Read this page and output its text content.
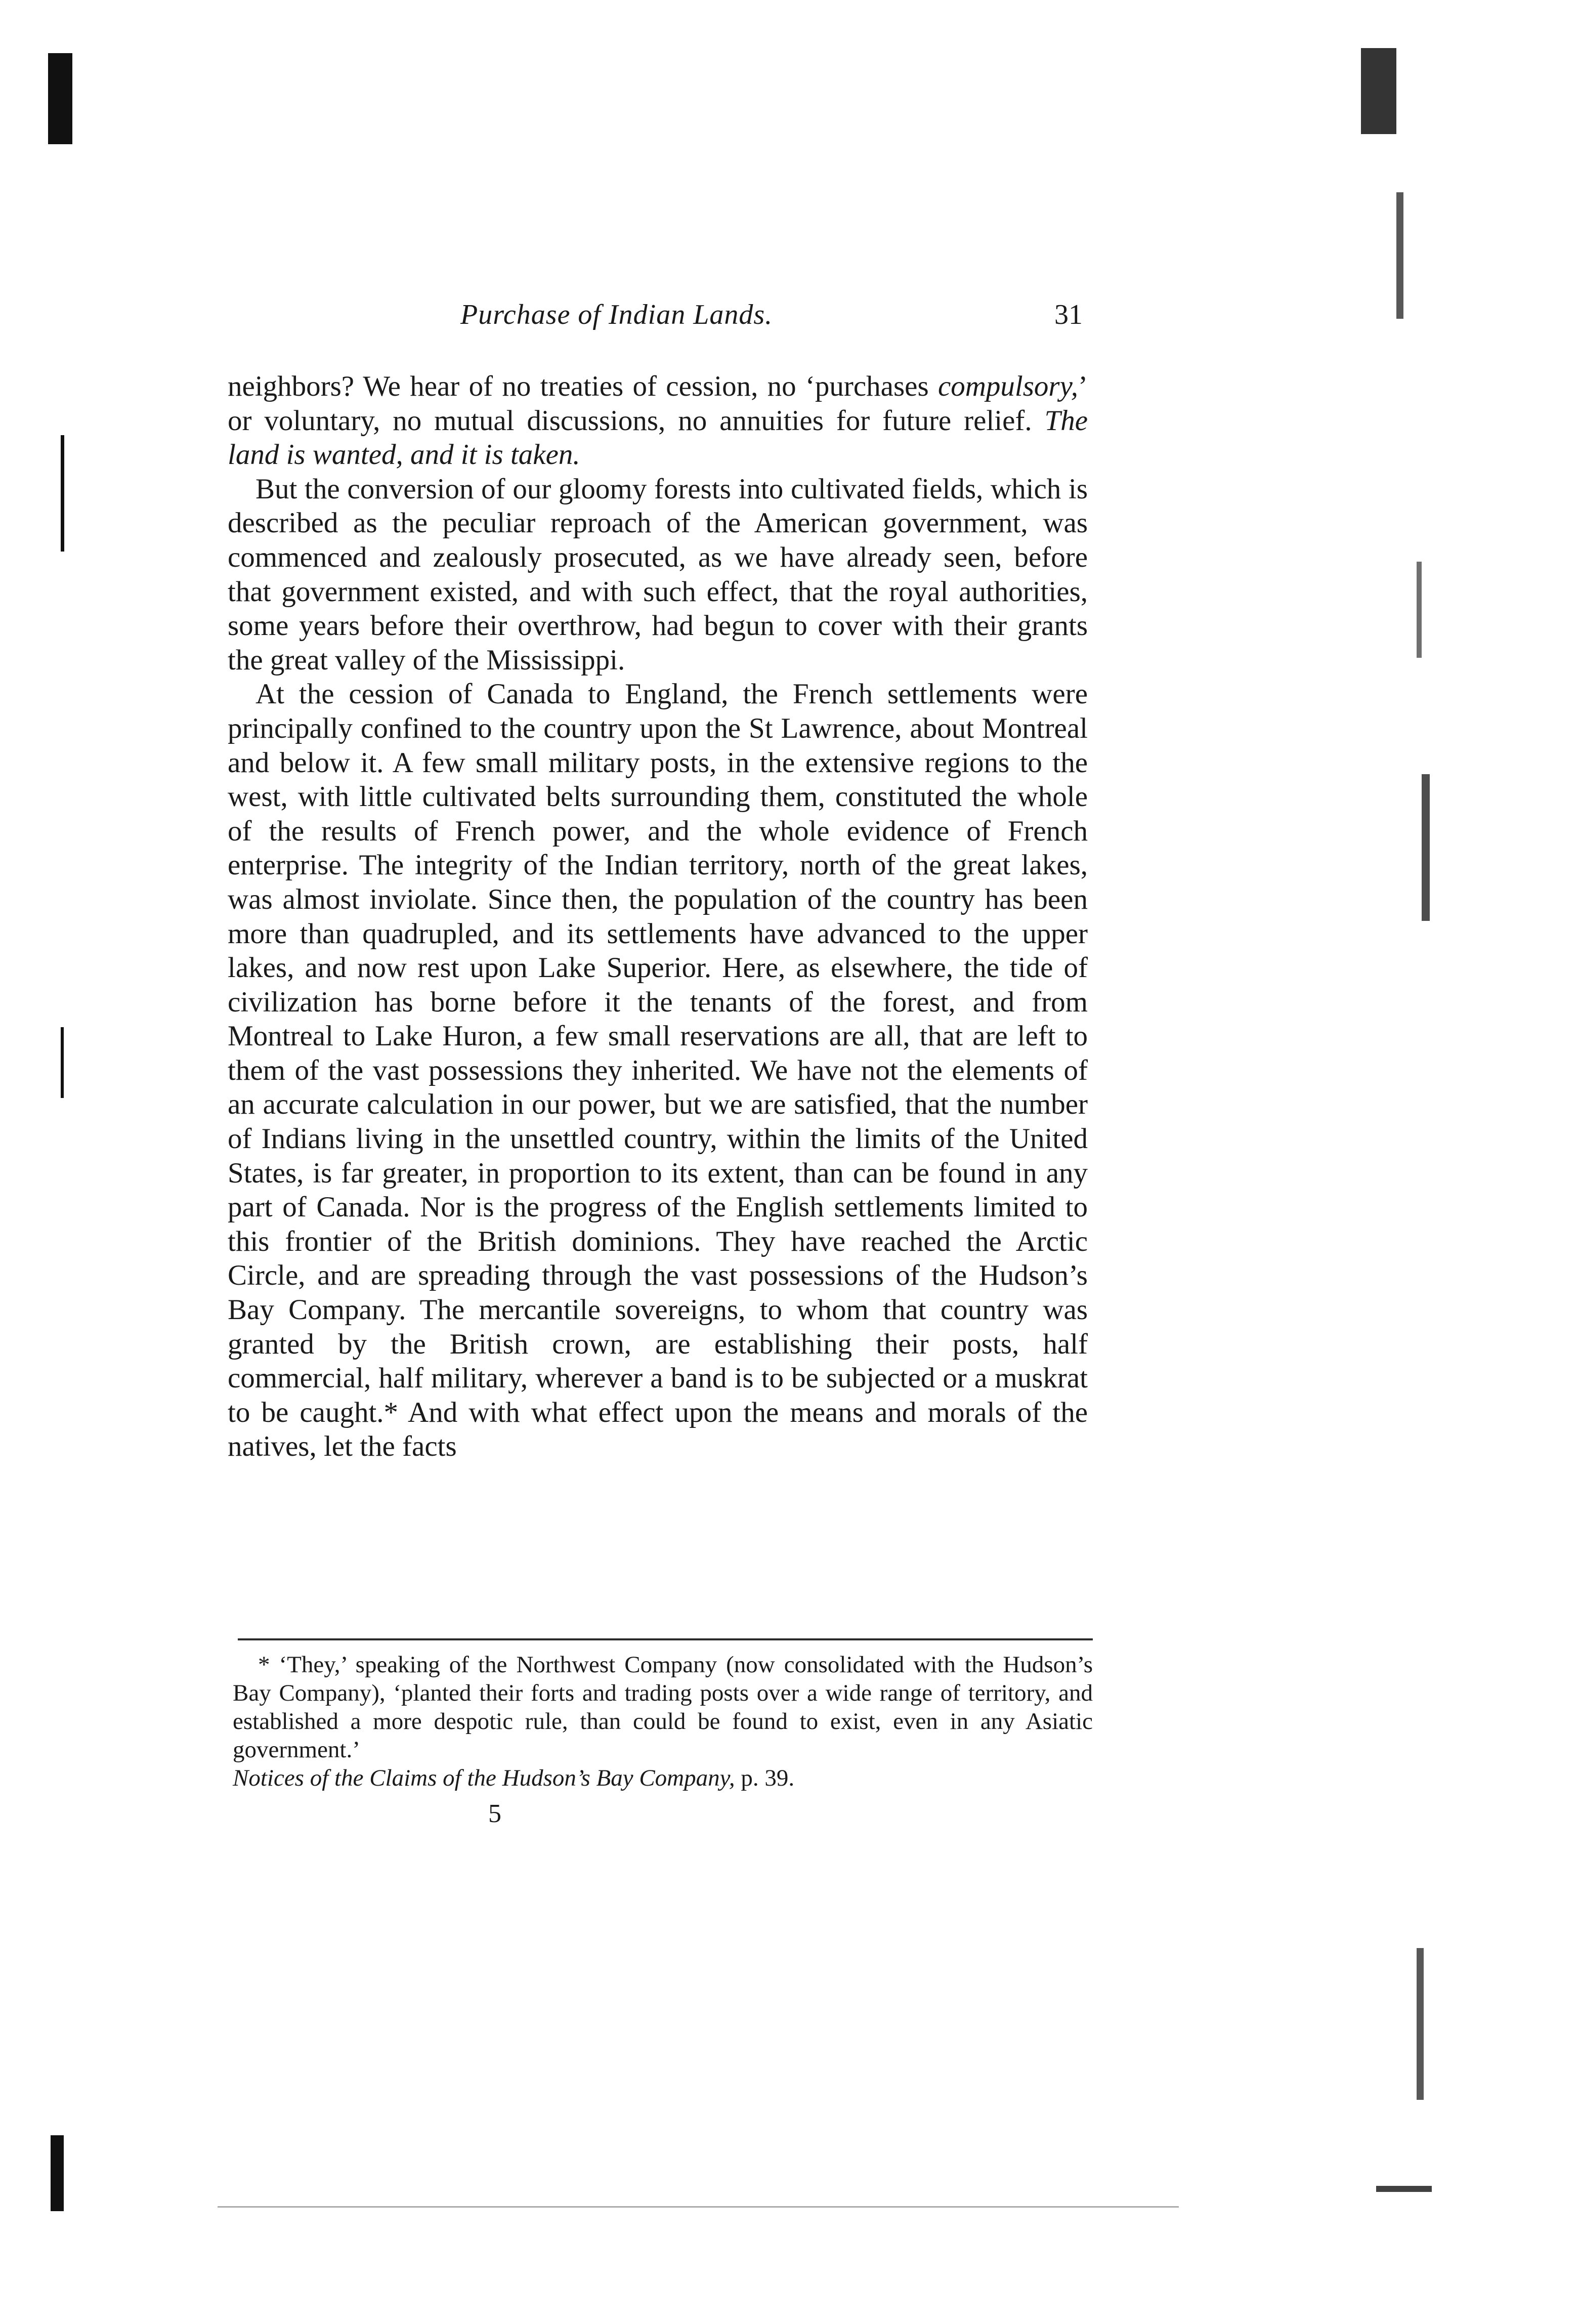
Purchase of Indian Lands.	31

neighbors? We hear of no treaties of cession, no ‘purchases compulsory,’ or voluntary, no mutual discussions, no annuities for future relief. The land is wanted, and it is taken.

But the conversion of our gloomy forests into cultivated fields, which is described as the peculiar reproach of the American government, was commenced and zealously prosecuted, as we have already seen, before that government existed, and with such effect, that the royal authorities, some years before their overthrow, had begun to cover with their grants the great valley of the Mississippi.

At the cession of Canada to England, the French settlements were principally confined to the country upon the St Lawrence, about Montreal and below it. A few small military posts, in the extensive regions to the west, with little cultivated belts surrounding them, constituted the whole of the results of French power, and the whole evidence of French enterprise. The integrity of the Indian territory, north of the great lakes, was almost inviolate. Since then, the population of the country has been more than quadrupled, and its settlements have advanced to the upper lakes, and now rest upon Lake Superior. Here, as elsewhere, the tide of civilization has borne before it the tenants of the forest, and from Montreal to Lake Huron, a few small reservations are all, that are left to them of the vast possessions they inherited. We have not the elements of an accurate calculation in our power, but we are satisfied, that the number of Indians living in the unsettled country, within the limits of the United States, is far greater, in proportion to its extent, than can be found in any part of Canada. Nor is the progress of the English settlements limited to this frontier of the British dominions. They have reached the Arctic Circle, and are spreading through the vast possessions of the Hudson’s Bay Company. The mercantile sovereigns, to whom that country was granted by the British crown, are establishing their posts, half commercial, half military, wherever a band is to be subjected or a muskrat to be caught.* And with what effect upon the means and morals of the natives, let the facts

* ‘They,’ speaking of the Northwest Company (now consolidated with the Hudson’s Bay Company), ‘planted their forts and trading posts over a wide range of territory, and established a more despotic rule, than could be found to exist, even in any Asiatic government.’

Notices of the Claims of the Hudson’s Bay Company, p. 39.

5
